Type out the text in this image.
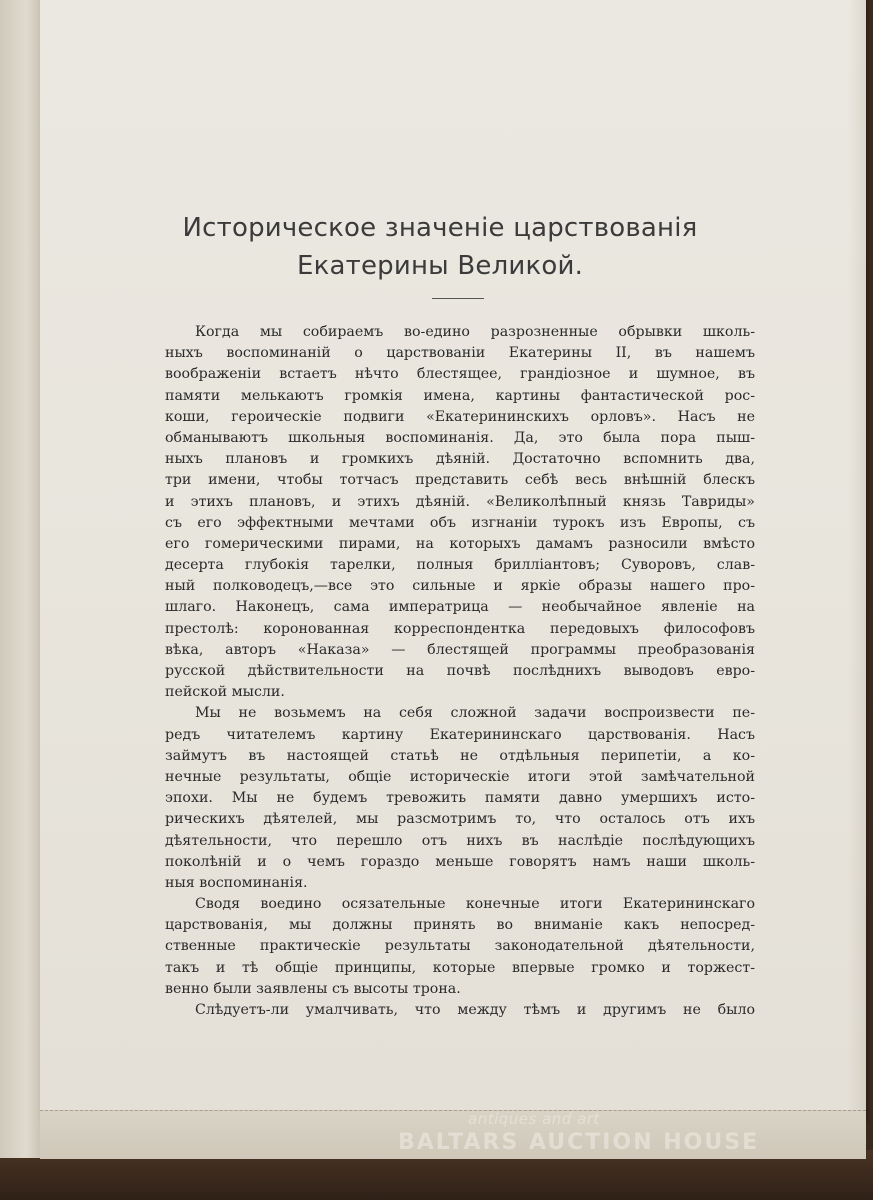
Историческое значенiе царствованiя
Екатерины Великой.
Когда мы собираемъ во-едино разрозненные обрывки школь-
ныхъ воспоминанiй о царствованiи Екатерины II, въ нашемъ
воображенiи встаетъ нѣчто блестящее, грандiозное и шумное, въ
памяти мелькаютъ громкiя имена, картины фантастической рос-
коши, героическiе подвиги «Екатерининскихъ орловъ». Насъ не
обманываютъ школьныя воспоминанiя. Да, это была пора пыш-
ныхъ плановъ и громкихъ дѣянiй. Достаточно вспомнить два,
три имени, чтобы тотчасъ представить себѣ весь внѣшнiй блескъ
и этихъ плановъ, и этихъ дѣянiй. «Великолѣпный князь Тавриды»
съ его эффектными мечтами объ изгнанiи турокъ изъ Европы, съ
его гомерическими пирами, на которыхъ дамамъ разносили вмѣсто
десерта глубокiя тарелки, полныя брилліантовъ; Суворовъ, слав-
ный полководецъ,—все это сильные и яркiе образы нашего про-
шлаго. Наконецъ, сама императрица — необычайное явленiе на
престолѣ: коронованная корреспондентка передовыхъ философовъ
вѣка, авторъ «Наказа» — блестящей программы преобразованiя
русской дѣйствительности на почвѣ послѣднихъ выводовъ евро-
пейской мысли.
Мы не возьмемъ на себя сложной задачи воспроизвести пе-
редъ читателемъ картину Екатерининскаго царствованiя. Насъ
займутъ въ настоящей статьѣ не отдѣльныя перипетiи, а ко-
нечные результаты, общiе историческiе итоги этой замѣчательной
эпохи. Мы не будемъ тревожить памяти давно умершихъ исто-
рическихъ дѣятелей, мы разсмотримъ то, что осталось отъ ихъ
дѣятельности, что перешло отъ нихъ въ наслѣдiе послѣдующихъ
поколѣнiй и о чемъ гораздо меньше говорятъ намъ наши школь-
ныя воспоминанiя.
Сводя воедино осязательные конечные итоги Екатерининскаго
царствованiя, мы должны принять во вниманiе какъ непосред-
ственные практическiе результаты законодательной дѣятельности,
такъ и тѣ общiе принципы, которые впервые громко и торжест-
венно были заявлены съ высоты трона.
Слѣдуетъ-ли умалчивать, что между тѣмъ и другимъ не было
antiques and art
BALTARS AUCTION HOUSE
